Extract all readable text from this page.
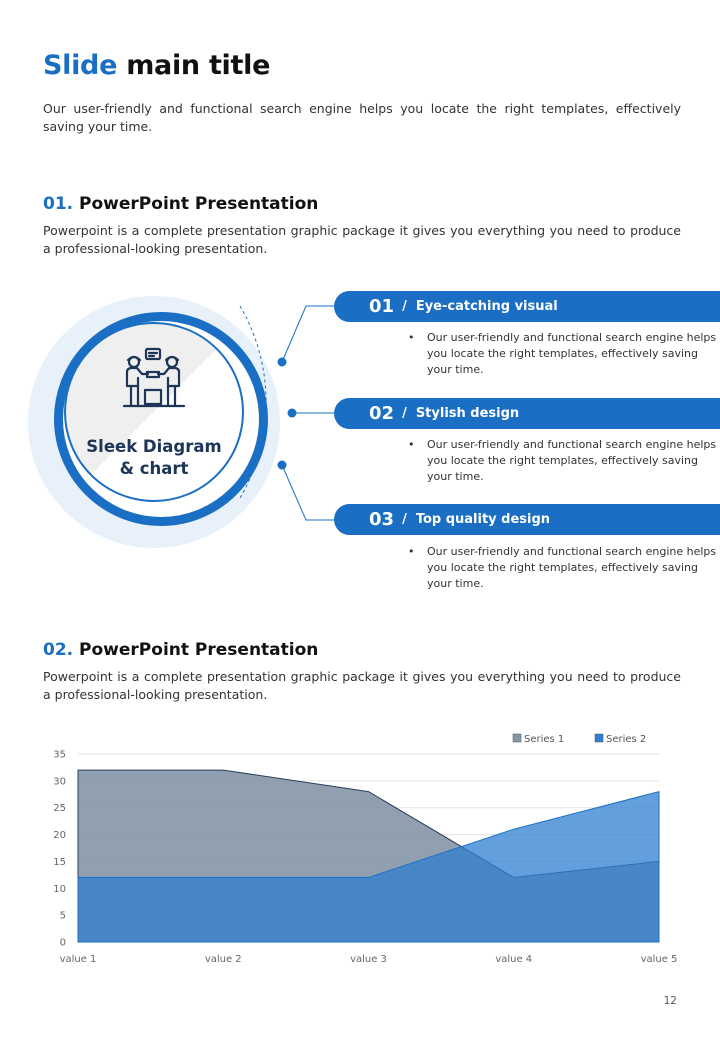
Slide main title

Our user-friendly and functional search engine helps you locate the right templates, effectively saving your time.

01. PowerPoint Presentation

Powerpoint is a complete presentation graphic package it gives you everything you need to produce a professional-looking presentation.

Sleek Diagram
& chart
01 / Eye-catching visual

• Our user-friendly and functional search engine helps you locate the right templates, effectively saving your time.

02 / Stylish design

• Our user-friendly and functional search engine helps you locate the right templates, effectively saving your time.

03 / Top quality design

• Our user-friendly and functional search engine helps you locate the right templates, effectively saving your time.

02. PowerPoint Presentation

Powerpoint is a complete presentation graphic package it gives you everything you need to produce a professional-looking presentation.

0
5
10
15
20
25
30
35
value 1	value 2	value 3	value 4	value 5
Series 1	Series 2
12
